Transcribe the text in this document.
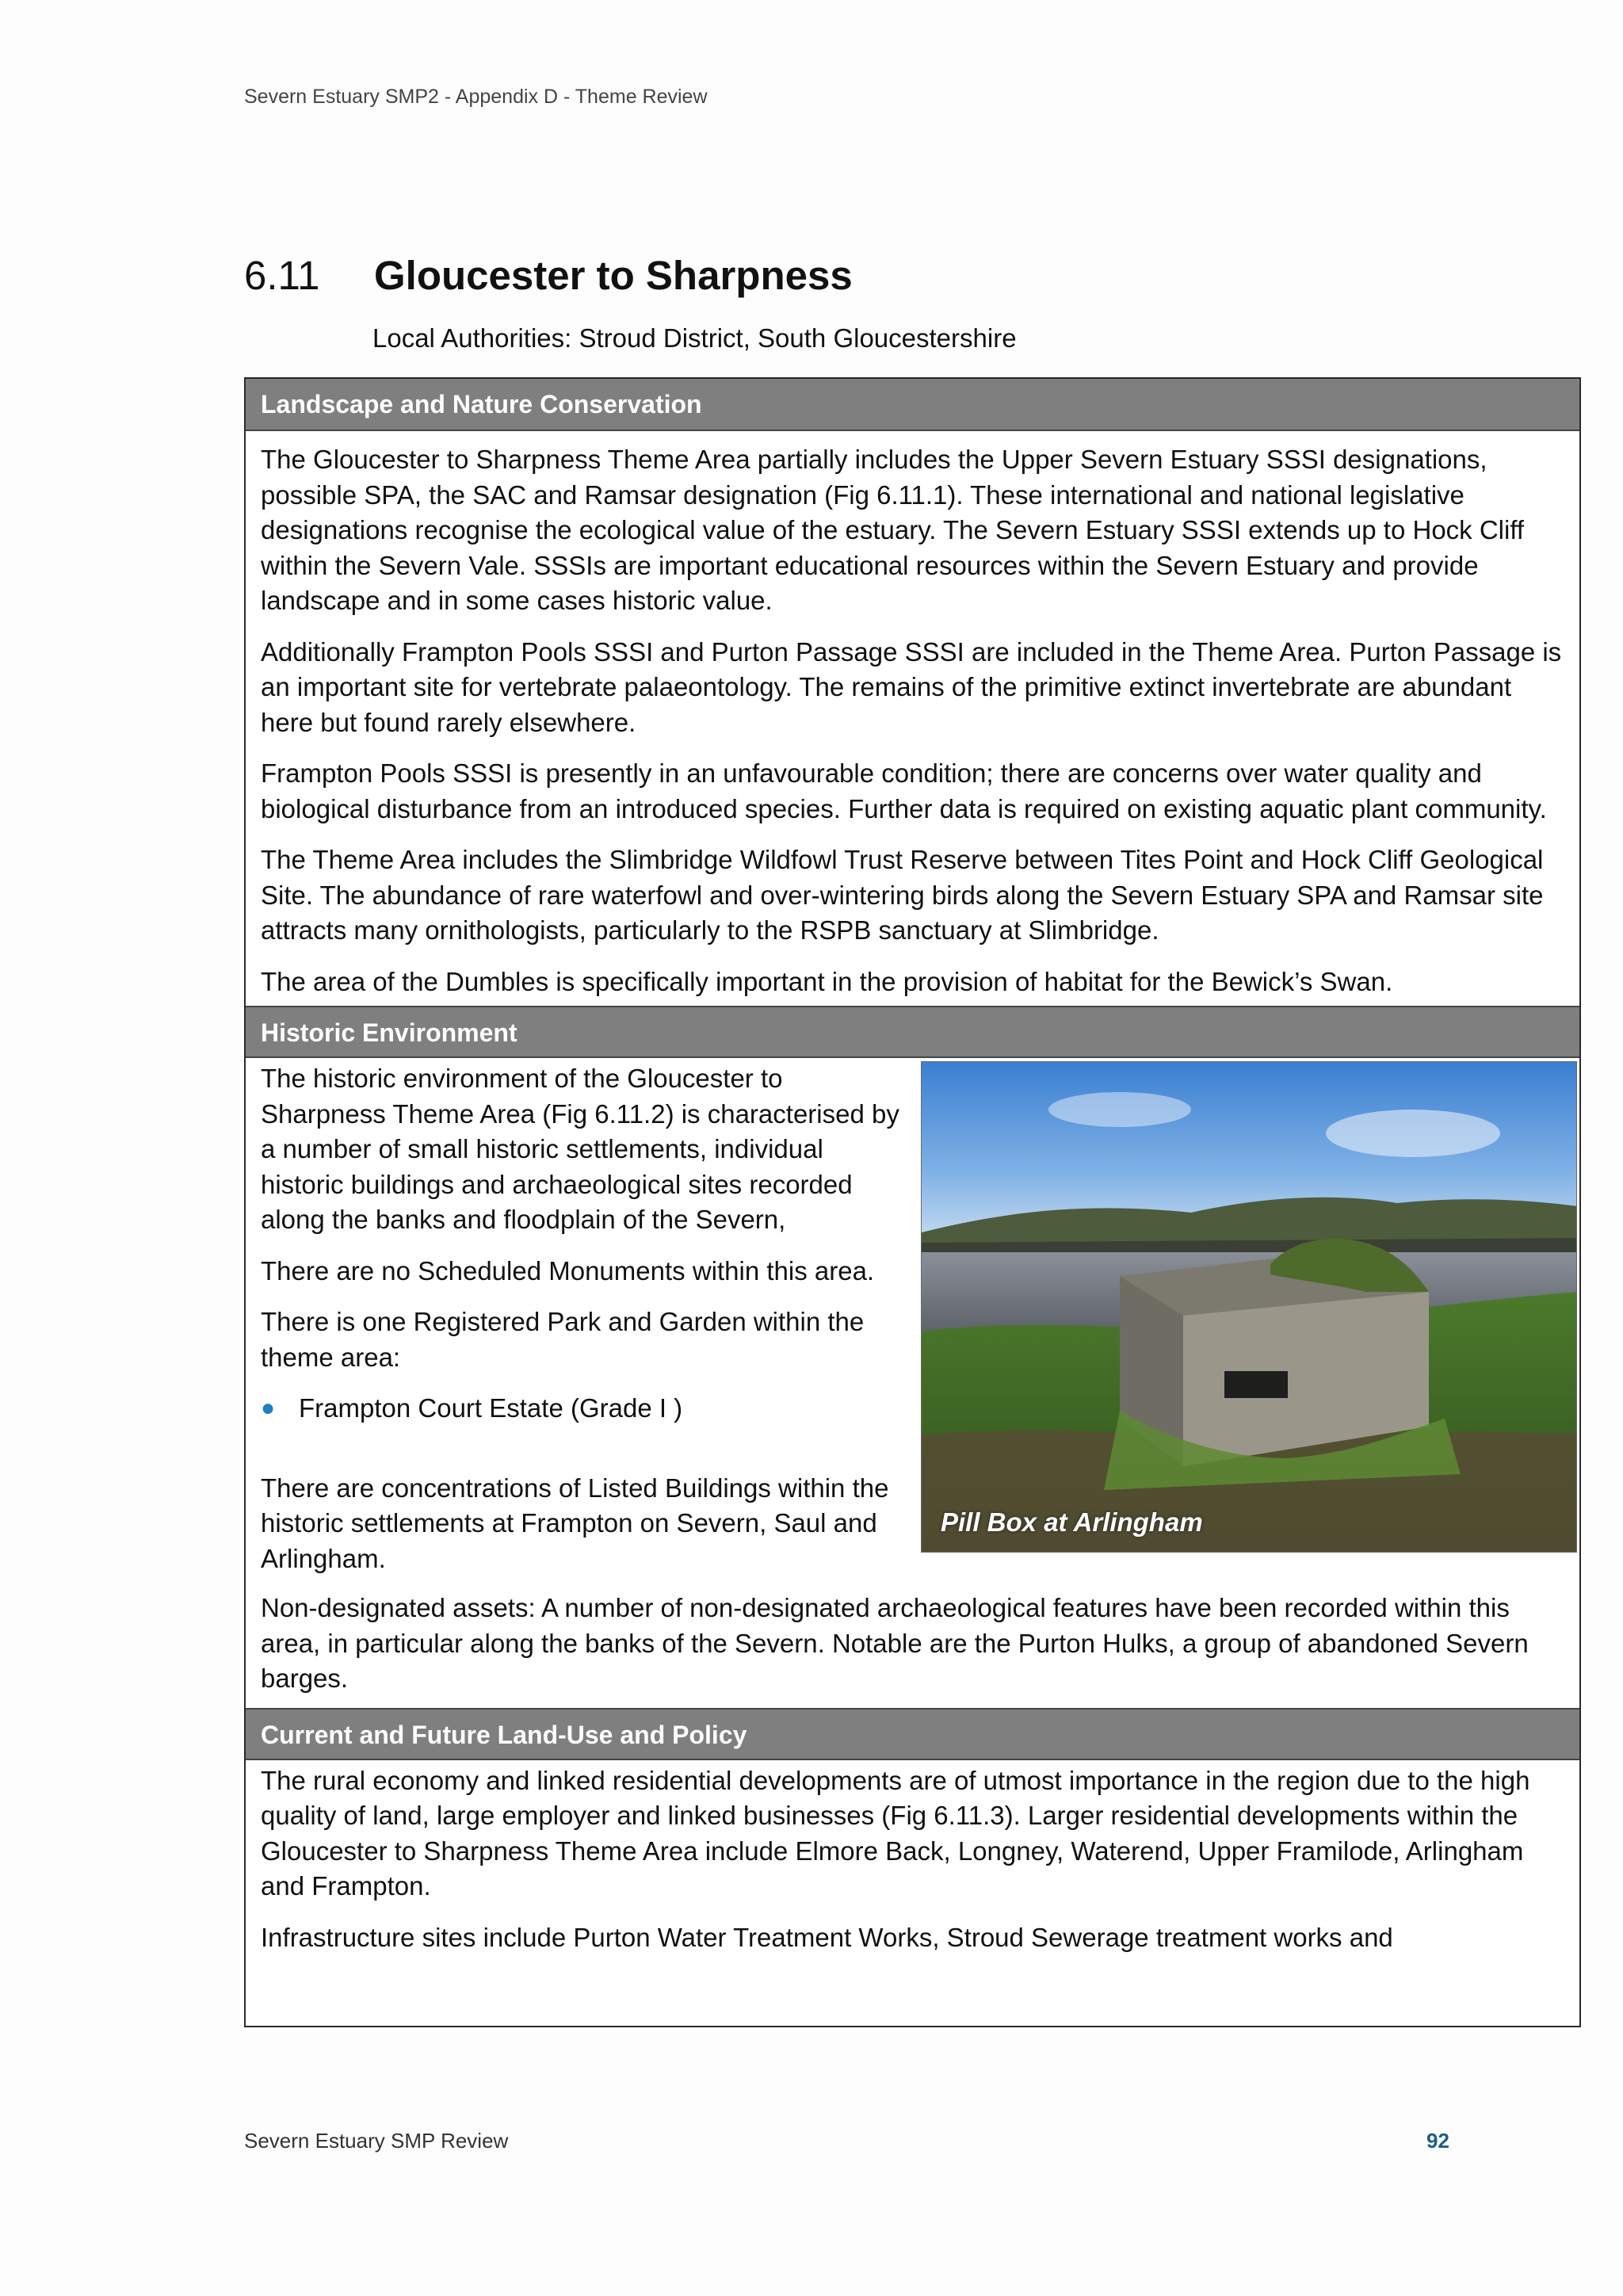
Severn Estuary SMP2 - Appendix D - Theme Review
6.11 Gloucester to Sharpness
Local Authorities: Stroud District, South Gloucestershire
Landscape and Nature Conservation

The Gloucester to Sharpness Theme Area partially includes the Upper Severn Estuary SSSI designations, possible SPA, the SAC and Ramsar designation (Fig 6.11.1). These international and national legislative designations recognise the ecological value of the estuary. The Severn Estuary SSSI extends up to Hock Cliff within the Severn Vale. SSSIs are important educational resources within the Severn Estuary and provide landscape and in some cases historic value.

Additionally Frampton Pools SSSI and Purton Passage SSSI are included in the Theme Area. Purton Passage is an important site for vertebrate palaeontology. The remains of the primitive extinct invertebrate are abundant here but found rarely elsewhere.

Frampton Pools SSSI is presently in an unfavourable condition; there are concerns over water quality and biological disturbance from an introduced species. Further data is required on existing aquatic plant community.

The Theme Area includes the Slimbridge Wildfowl Trust Reserve between Tites Point and Hock Cliff Geological Site. The abundance of rare waterfowl and over-wintering birds along the Severn Estuary SPA and Ramsar site attracts many ornithologists, particularly to the RSPB sanctuary at Slimbridge.

The area of the Dumbles is specifically important in the provision of habitat for the Bewick’s Swan.

Historic Environment

The historic environment of the Gloucester to Sharpness Theme Area (Fig 6.11.2) is characterised by a number of small historic settlements, individual historic buildings and archaeological sites recorded along the banks and floodplain of the Severn,

There are no Scheduled Monuments within this area.

There is one Registered Park and Garden within the theme area:

● Frampton Court Estate (Grade I )

There are concentrations of Listed Buildings within the historic settlements at Frampton on Severn, Saul and Arlingham.

Pill Box at Arlingham

Non-designated assets: A number of non-designated archaeological features have been recorded within this area, in particular along the banks of the Severn. Notable are the Purton Hulks, a group of abandoned Severn barges.

Current and Future Land-Use and Policy

The rural economy and linked residential developments are of utmost importance in the region due to the high quality of land, large employer and linked businesses (Fig 6.11.3). Larger residential developments within the Gloucester to Sharpness Theme Area include Elmore Back, Longney, Waterend, Upper Framilode, Arlingham and Frampton.

Infrastructure sites include Purton Water Treatment Works, Stroud Sewerage treatment works and

Severn Estuary SMP Review	92
